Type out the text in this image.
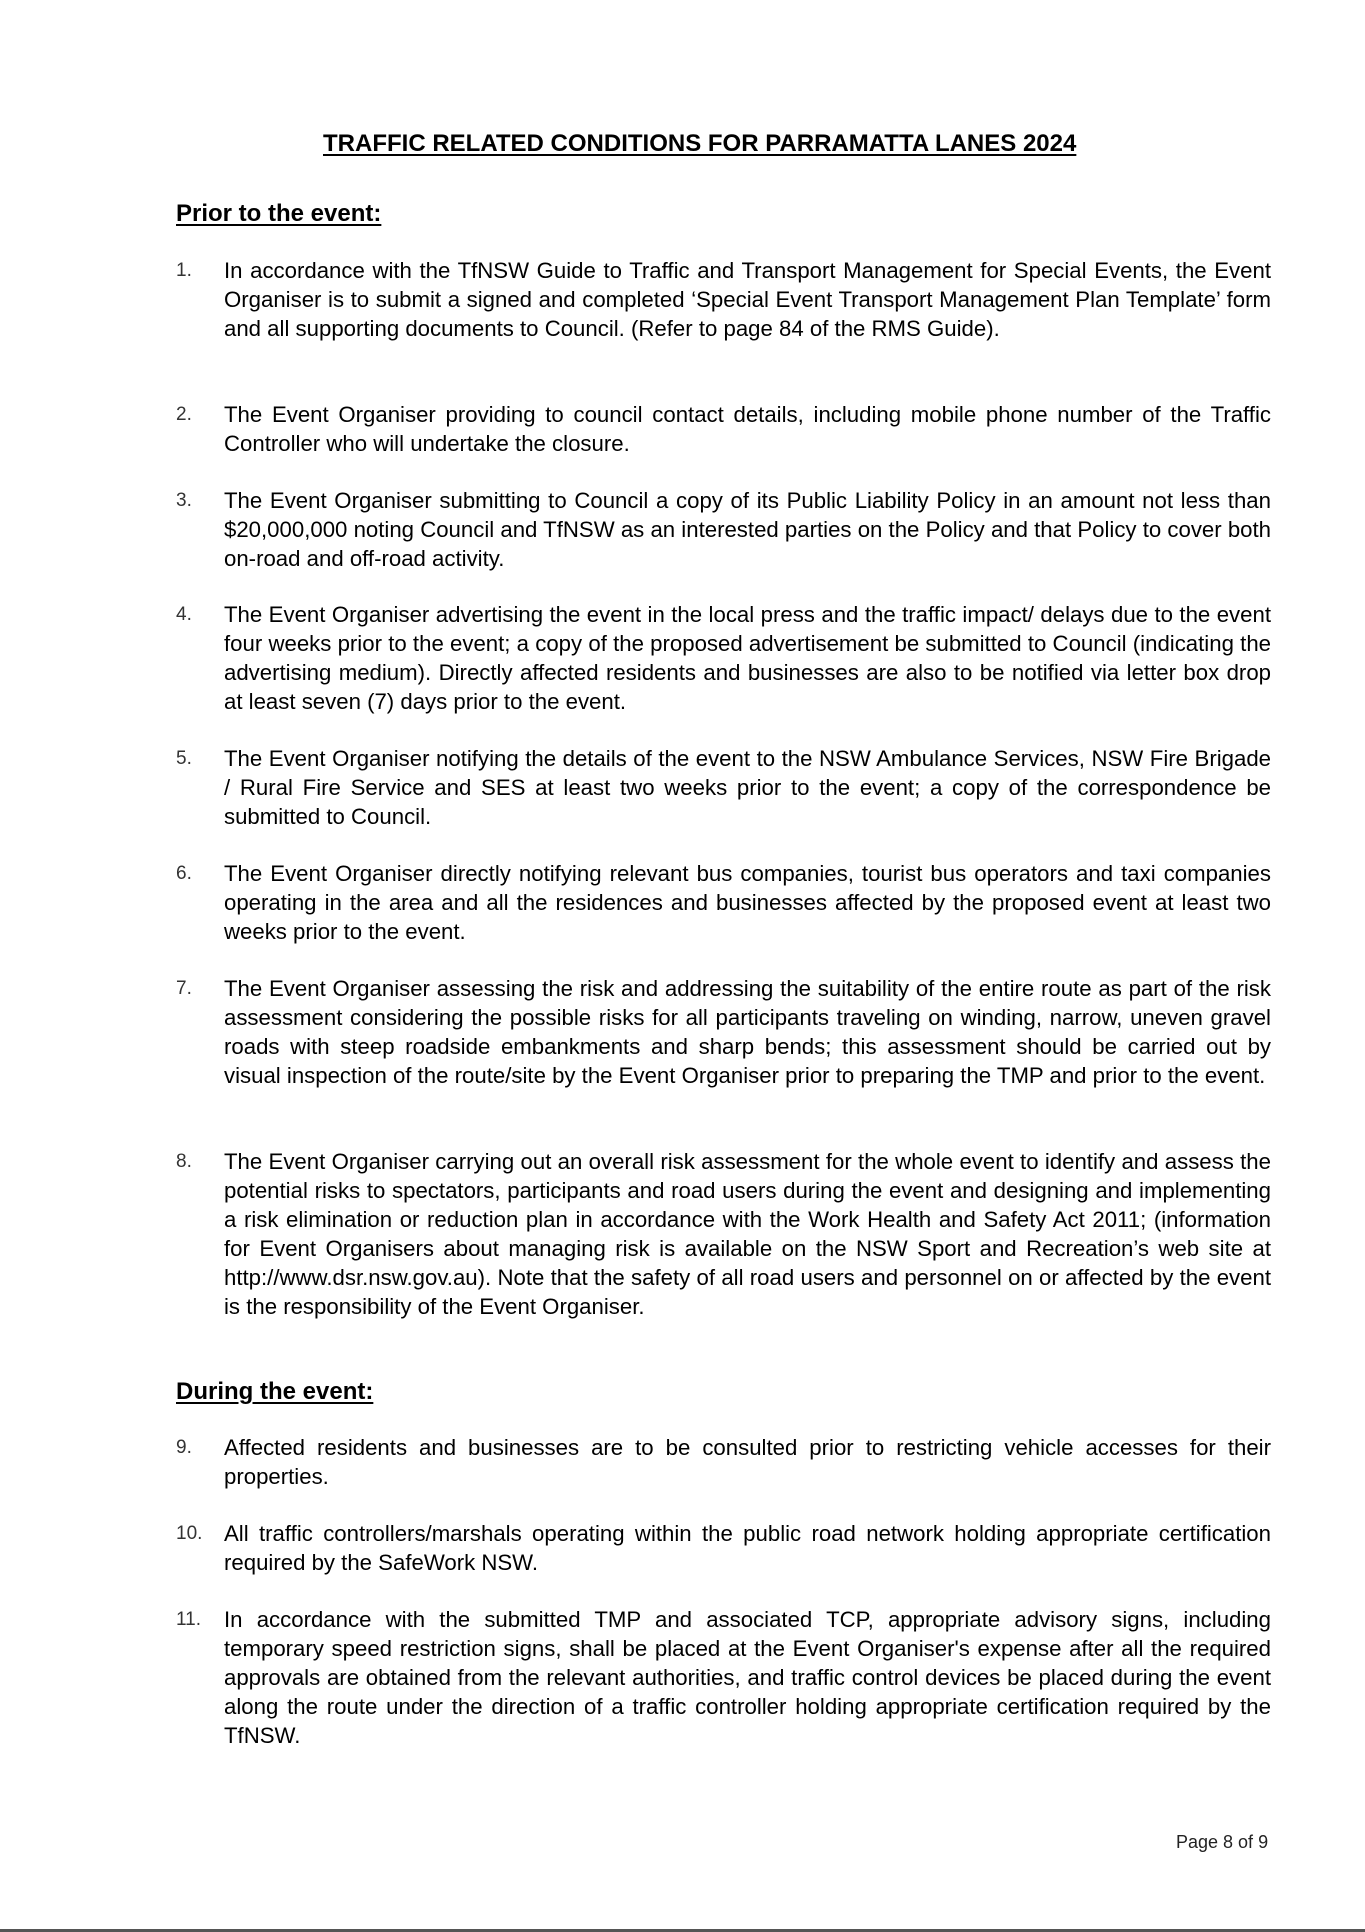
TRAFFIC RELATED CONDITIONS FOR PARRAMATTA LANES 2024
Prior to the event:
1. In accordance with the TfNSW Guide to Traffic and Transport Management for Special Events, the Event Organiser is to submit a signed and completed ‘Special Event Transport Management Plan Template’ form and all supporting documents to Council. (Refer to page 84 of the RMS Guide).
2. The Event Organiser providing to council contact details, including mobile phone number of the Traffic Controller who will undertake the closure.
3. The Event Organiser submitting to Council a copy of its Public Liability Policy in an amount not less than $20,000,000 noting Council and TfNSW as an interested parties on the Policy and that Policy to cover both on-road and off-road activity.
4. The Event Organiser advertising the event in the local press and the traffic impact/ delays due to the event four weeks prior to the event; a copy of the proposed advertisement be submitted to Council (indicating the advertising medium). Directly affected residents and businesses are also to be notified via letter box drop at least seven (7) days prior to the event.
5. The Event Organiser notifying the details of the event to the NSW Ambulance Services, NSW Fire Brigade / Rural Fire Service and SES at least two weeks prior to the event; a copy of the correspondence be submitted to Council.
6. The Event Organiser directly notifying relevant bus companies, tourist bus operators and taxi companies operating in the area and all the residences and businesses affected by the proposed event at least two weeks prior to the event.
7. The Event Organiser assessing the risk and addressing the suitability of the entire route as part of the risk assessment considering the possible risks for all participants traveling on winding, narrow, uneven gravel roads with steep roadside embankments and sharp bends; this assessment should be carried out by visual inspection of the route/site by the Event Organiser prior to preparing the TMP and prior to the event.
8. The Event Organiser carrying out an overall risk assessment for the whole event to identify and assess the potential risks to spectators, participants and road users during the event and designing and implementing a risk elimination or reduction plan in accordance with the Work Health and Safety Act 2011; (information for Event Organisers about managing risk is available on the NSW Sport and Recreation’s web site at http://www.dsr.nsw.gov.au). Note that the safety of all road users and personnel on or affected by the event is the responsibility of the Event Organiser.
During the event:
9. Affected residents and businesses are to be consulted prior to restricting vehicle accesses for their properties.
10. All traffic controllers/marshals operating within the public road network holding appropriate certification required by the SafeWork NSW.
11. In accordance with the submitted TMP and associated TCP, appropriate advisory signs, including temporary speed restriction signs, shall be placed at the Event Organiser's expense after all the required approvals are obtained from the relevant authorities, and traffic control devices be placed during the event along the route under the direction of a traffic controller holding appropriate certification required by the TfNSW.
Page 8 of 9
